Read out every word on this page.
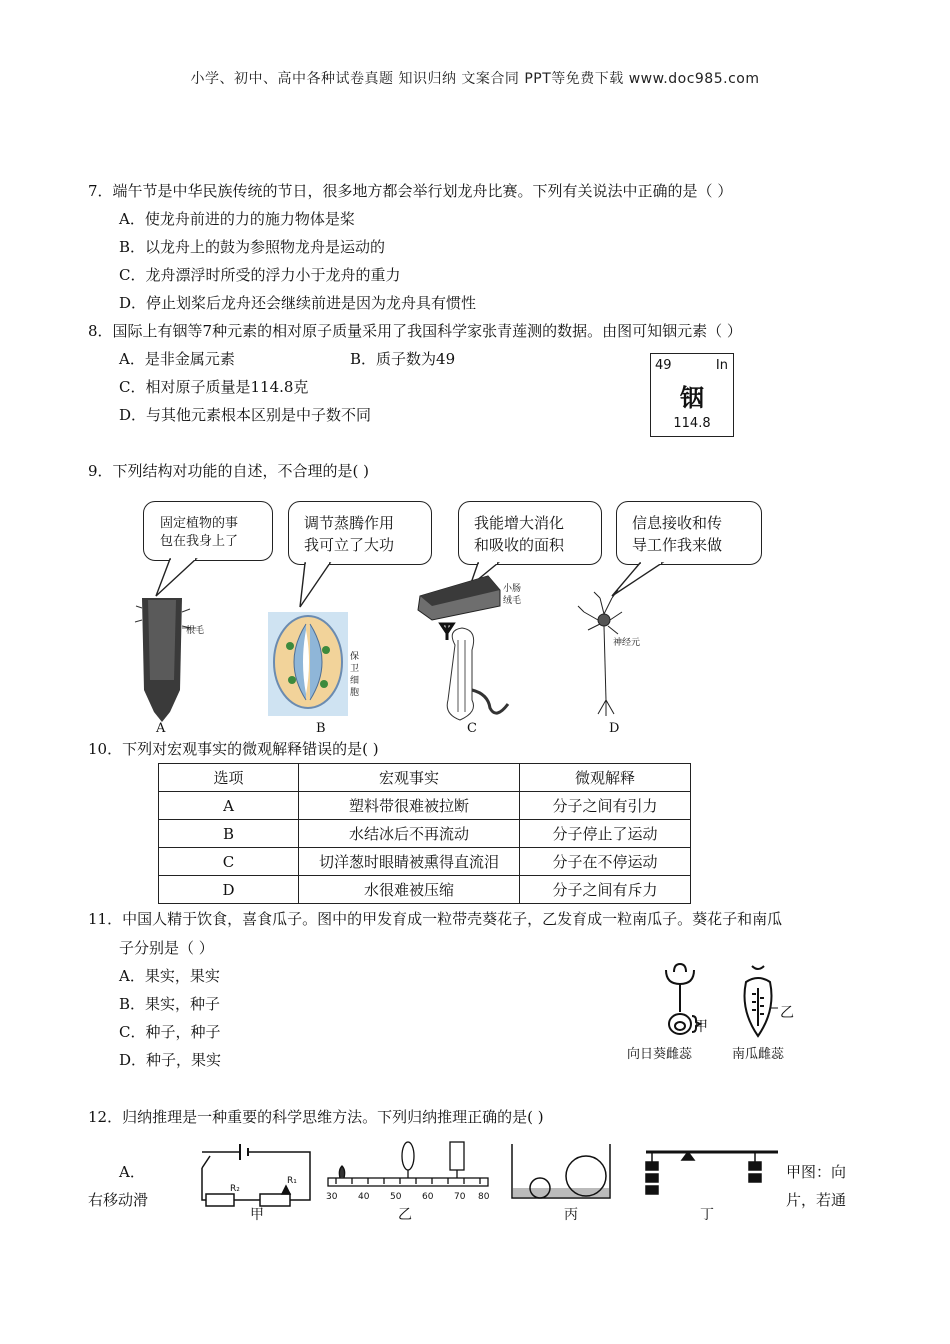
小学、初中、高中各种试卷真题 知识归纳 文案合同 PPT等免费下载 www.doc985.com
7．端午节是中华民族传统的节日，很多地方都会举行划龙舟比赛。下列有关说法中正确的是（ ）
A．使龙舟前进的力的施力物体是桨
B．以龙舟上的鼓为参照物龙舟是运动的
C．龙舟漂浮时所受的浮力小于龙舟的重力
D．停止划桨后龙舟还会继续前进是因为龙舟具有惯性
8．国际上有铟等7种元素的相对原子质量采用了我国科学家张青莲测的数据。由图可知铟元素（ ）
A．是非金属元素	B．质子数为49
C．相对原子质量是114.8克
D．与其他元素根本区别是中子数不同
49	In
铟
114.8
9．下列结构对功能的自述，不合理的是( )
固定植物的事
包在我身上了
调节蒸腾作用
我可立了大功
我能增大消化
和吸收的面积
信息接收和传
导工作我来做
根毛
保
卫
细
胞
小肠
绒毛
神经元
A	B	C	D
10．下列对宏观事实的微观解释错误的是( )
选项	宏观事实	微观解释
A	塑料带很难被拉断	分子之间有引力
B	水结冰后不再流动	分子停止了运动
C	切洋葱时眼睛被熏得直流泪	分子在不停运动
D	水很难被压缩	分子之间有斥力
11．中国人精于饮食，喜食瓜子。图中的甲发育成一粒带壳葵花子，乙发育成一粒南瓜子。葵花子和南瓜
子分别是（ ）
A．果实，果实
B．果实，种子
C．种子，种子
D．种子，果实
甲
乙
向日葵雌蕊	南瓜雌蕊
12．归纳推理是一种重要的科学思维方法。下列归纳推理正确的是( )
A．
右移动滑
甲图：向
片，若通
R₂
R₁
30 40 50 60 70 80
甲	乙	丙	丁
